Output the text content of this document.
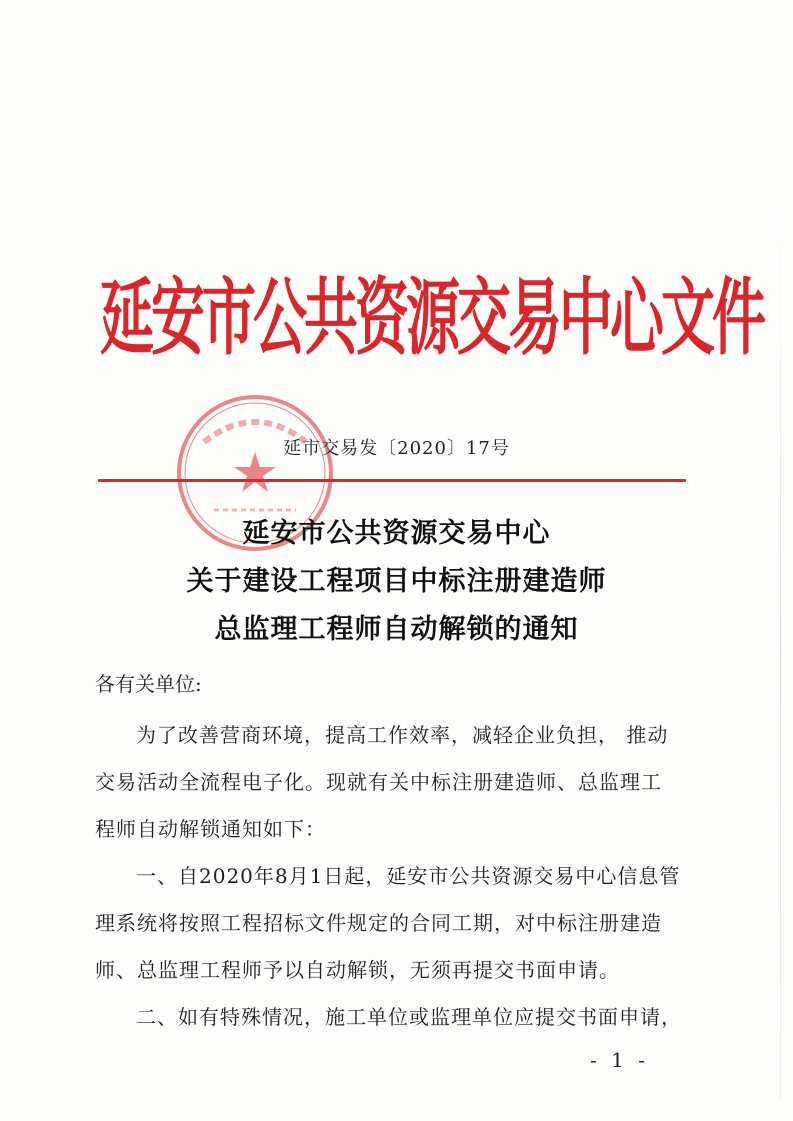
延安市公共资源交易中心文件
延市交易发〔2020〕17号
延安市公共资源交易中心
关于建设工程项目中标注册建造师
总监理工程师自动解锁的通知
各有关单位:
为了改善营商环境，提高工作效率，减轻企业负担， 推动
交易活动全流程电子化。现就有关中标注册建造师、总监理工
程师自动解锁通知如下：
一、自2020年8月1日起，延安市公共资源交易中心信息管
理系统将按照工程招标文件规定的合同工期，对中标注册建造
师、总监理工程师予以自动解锁，无须再提交书面申请。
二、如有特殊情况，施工单位或监理单位应提交书面申请，
- 1 -
